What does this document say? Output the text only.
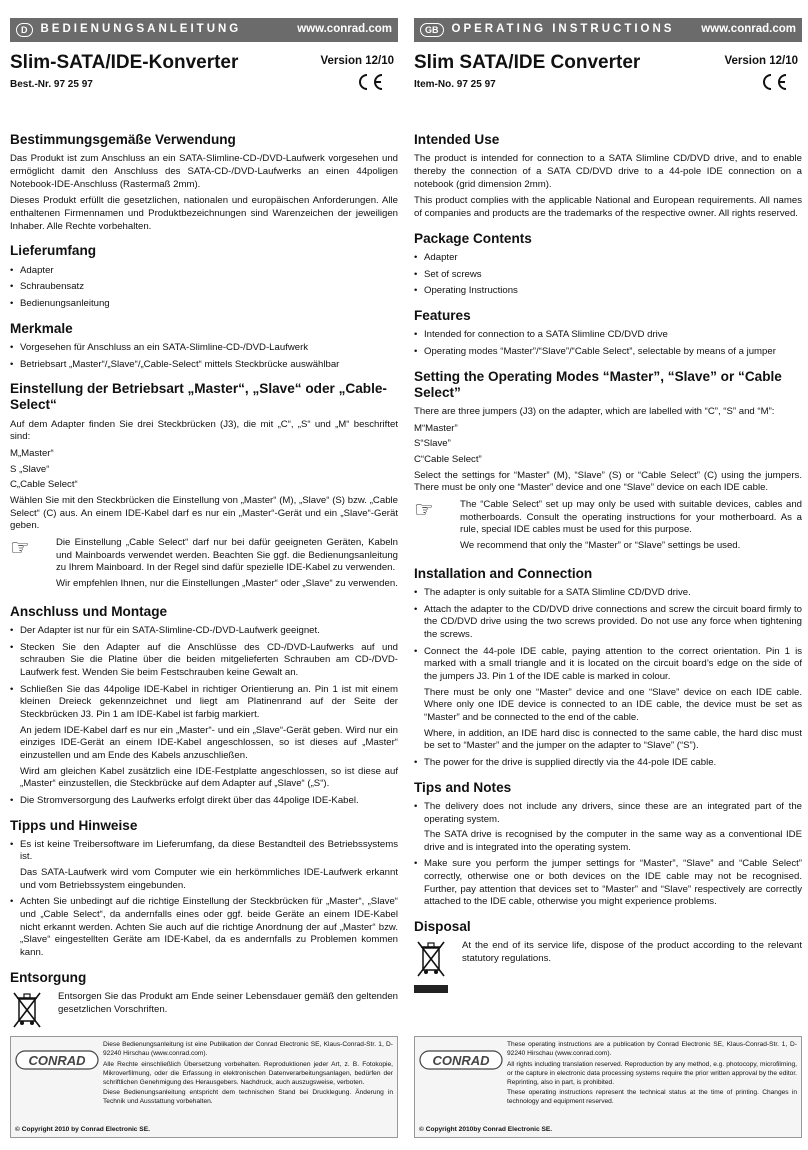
D	BEDIENUNGSANLEITUNG	www.conrad.com
Slim-SATA/IDE-Konverter
Best.-Nr. 97 25 97
Version 12/10
Bestimmungsgemäße Verwendung

Das Produkt ist zum Anschluss an ein SATA-Slimline-CD-/DVD-Laufwerk vorgesehen und ermöglicht damit den Anschluss des SATA-CD-/DVD-Laufwerks an einen 44poligen Notebook-IDE-Anschluss (Rastermaß 2mm).

Dieses Produkt erfüllt die gesetzlichen, nationalen und europäischen Anforderungen. Alle enthaltenen Firmennamen und Produktbezeichnungen sind Warenzeichen der jeweiligen Inhaber. Alle Rechte vorbehalten.

Lieferumfang
• Adapter
• Schraubensatz
• Bedienungsanleitung
Merkmale
• Vorgesehen für Anschluss an ein SATA-Slimline-CD-/DVD-Laufwerk
• Betriebsart „Master“/„Slave“/„Cable-Select“ mittels Steckbrücke auswählbar
Einstellung der Betriebsart „Master“, „Slave“ oder „Cable-Select“

Auf dem Adapter finden Sie drei Steckbrücken (J3), die mit „C“, „S“ und „M“ beschriftet sind:

M„Master“
S „Slave“
C„Cable Select“

Wählen Sie mit den Steckbrücken die Einstellung von „Master“ (M), „Slave“ (S) bzw. „Cable Select“ (C) aus. An einem IDE-Kabel darf es nur ein „Master“-Gerät und ein „Slave“-Gerät geben.

☞	Die Einstellung „Cable Select“ darf nur bei dafür geeigneten Geräten, Kabeln und Mainboards verwendet werden. Beachten Sie ggf. die Bedienungsanleitung zu Ihrem Mainboard. In der Regel sind dafür spezielle IDE-Kabel zu verwenden.

Wir empfehlen Ihnen, nur die Einstellungen „Master“ oder „Slave“ zu verwenden.

Anschluss und Montage
• Der Adapter ist nur für ein SATA-Slimline-CD-/DVD-Laufwerk geeignet.
• Stecken Sie den Adapter auf die Anschlüsse des CD-/DVD-Laufwerks auf und schrauben Sie die Platine über die beiden mitgelieferten Schrauben am CD-/DVD-Laufwerk fest. Wenden Sie beim Festschrauben keine Gewalt an.
• Schließen Sie das 44polige IDE-Kabel in richtiger Orientierung an. Pin 1 ist mit einem kleinen Dreieck gekennzeichnet und liegt am Platinenrand auf der Seite der Steckbrücken J3. Pin 1 am IDE-Kabel ist farbig markiert.
An jedem IDE-Kabel darf es nur ein „Master“- und ein „Slave“-Gerät geben. Wird nur ein einziges IDE-Gerät an einem IDE-Kabel angeschlossen, so ist dieses auf „Master“ einzustellen und am Ende des Kabels anzuschließen.
Wird am gleichen Kabel zusätzlich eine IDE-Festplatte angeschlossen, so ist diese auf „Master“ einzustellen, die Steckbrücke auf dem Adapter auf „Slave“ („S“).
• Die Stromversorgung des Laufwerks erfolgt direkt über das 44polige IDE-Kabel.
Tipps und Hinweise
• Es ist keine Treibersoftware im Lieferumfang, da diese Bestandteil des Betriebssystems ist.
Das SATA-Laufwerk wird vom Computer wie ein herkömmliches IDE-Laufwerk erkannt und vom Betriebssystem eingebunden.
• Achten Sie unbedingt auf die richtige Einstellung der Steckbrücken für „Master“, „Slave“ und „Cable Select“, da andernfalls eines oder ggf. beide Geräte an einem IDE-Kabel nicht erkannt werden. Achten Sie auch auf die richtige Anordnung der auf „Master“ bzw. „Slave“ eingestellten Geräte am IDE-Kabel, da es andernfalls zu Problemen kommen kann.
Entsorgung

Entsorgen Sie das Produkt am Ende seiner Lebensdauer gemäß den geltenden gesetzlichen Vorschriften.

CONRAD

Diese Bedienungsanleitung ist eine Publikation der Conrad Electronic SE, Klaus-Conrad-Str. 1, D-92240 Hirschau (www.conrad.com).

Alle Rechte einschließlich Übersetzung vorbehalten. Reproduktionen jeder Art, z. B. Fotokopie, Mikroverfilmung, oder die Erfassung in elektronischen Datenverarbeitungsanlagen, bedürfen der schriftlichen Genehmigung des Herausgebers. Nachdruck, auch auszugsweise, verboten.

Diese Bedienungsanleitung entspricht dem technischen Stand bei Drucklegung. Änderung in Technik und Ausstattung vorbehalten.

© Copyright 2010 by Conrad Electronic SE.
GB	OPERATING INSTRUCTIONS	www.conrad.com
Slim SATA/IDE Converter
Item-No. 97 25 97
Version 12/10
Intended Use

The product is intended for connection to a SATA Slimline CD/DVD drive, and to enable thereby the connection of a SATA CD/DVD drive to a 44-pole IDE connection on a notebook (grid dimension 2mm).

This product complies with the applicable National and European requirements. All names of companies and products are the trademarks of the respective owner. All rights reserved.

Package Contents
• Adapter
• Set of screws
• Operating Instructions
Features
• Intended for connection to a SATA Slimline CD/DVD drive
• Operating modes “Master”/“Slave”/“Cable Select”, selectable by means of a jumper
Setting the Operating Modes “Master”, “Slave” or “Cable Select”

There are three jumpers (J3) on the adapter, which are labelled with “C”, “S” and “M”:

M“Master”
S“Slave”
C“Cable Select”

Select the settings for “Master” (M), “Slave” (S) or “Cable Select” (C) using the jumpers. There must be only one “Master” device and one “Slave” device on each IDE cable.

☞	The “Cable Select” set up may only be used with suitable devices, cables and motherboards. Consult the operating instructions for your motherboard. As a rule, special IDE cables must be used for this purpose.

We recommend that only the “Master” or “Slave” settings be used.

Installation and Connection
• The adapter is only suitable for a SATA Slimline CD/DVD drive.
• Attach the adapter to the CD/DVD drive connections and screw the circuit board firmly to the CD/DVD drive using the two screws provided. Do not use any force when tightening the screws.
• Connect the 44-pole IDE cable, paying attention to the correct orientation. Pin 1 is marked with a small triangle and it is located on the circuit board’s edge on the side of the jumpers J3. Pin 1 of the IDE cable is marked in colour.
There must be only one “Master” device and one “Slave” device on each IDE cable. Where only one IDE device is connected to an IDE cable, the device must be set as “Master” and be connected to the end of the cable.
Where, in addition, an IDE hard disc is connected to the same cable, the hard disc must be set to “Master” and the jumper on the adapter to “Slave” (“S”).
• The power for the drive is supplied directly via the 44-pole IDE cable.
Tips and Notes
• The delivery does not include any drivers, since these are an integrated part of the operating system.
The SATA drive is recognised by the computer in the same way as a conventional IDE drive and is integrated into the operating system.
• Make sure you perform the jumper settings for “Master”, “Slave” and “Cable Select” correctly, otherwise one or both devices on the IDE cable may not be recognised. Further, pay attention that devices set to “Master” and “Slave” respectively are correctly attached to the IDE cable, otherwise you might experience problems.
Disposal

At the end of its service life, dispose of the product according to the relevant statutory regulations.

CONRAD

These operating instructions are a publication by Conrad Electronic SE, Klaus-Conrad-Str. 1, D-92240 Hirschau (www.conrad.com).

All rights including translation reserved. Reproduction by any method, e.g. photocopy, microfilming, or the capture in electronic data processing systems require the prior written approval by the editor. Reprinting, also in part, is prohibited.

These operating instructions represent the technical status at the time of printing. Changes in technology and equipment reserved.

© Copyright 2010by Conrad Electronic SE.
